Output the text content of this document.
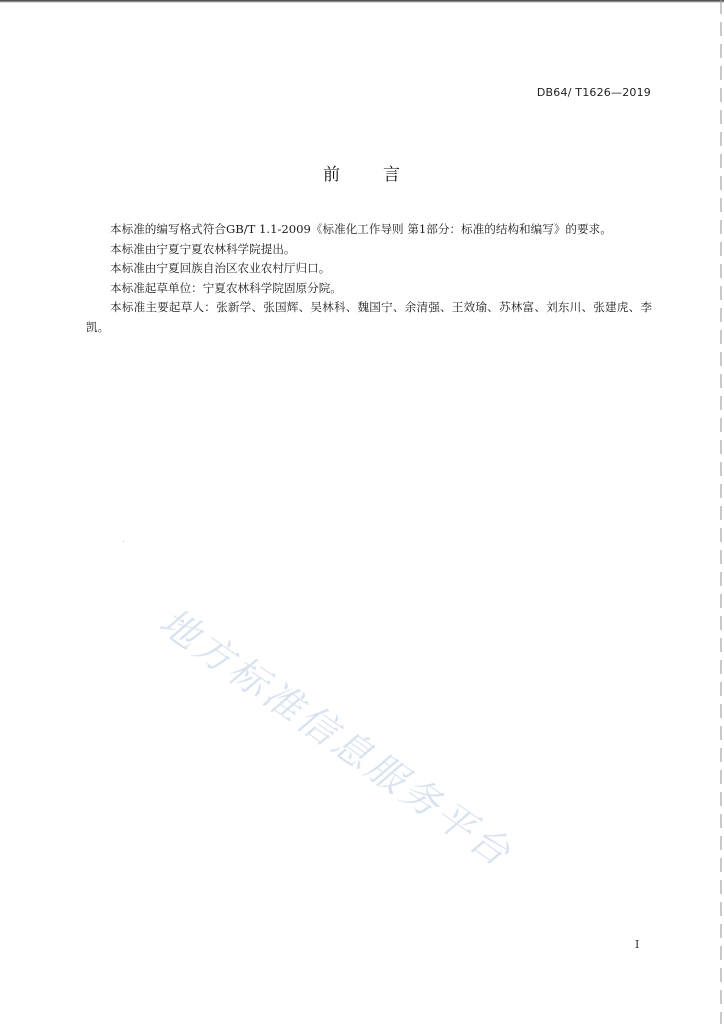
DB64/ T1626—2019
前 言

本标准的编写格式符合GB/T 1.1-2009《标准化工作导则 第1部分：标准的结构和编写》的要求。

本标准由宁夏宁夏农林科学院提出。

本标准由宁夏回族自治区农业农村厅归口。

本标准起草单位：宁夏农林科学院固原分院。

本标准主要起草人：张新学、张国辉、吴林科、魏国宁、余清强、王效瑜、苏林富、刘东川、张建虎、李凯。

地方标准信息服务平台
I
